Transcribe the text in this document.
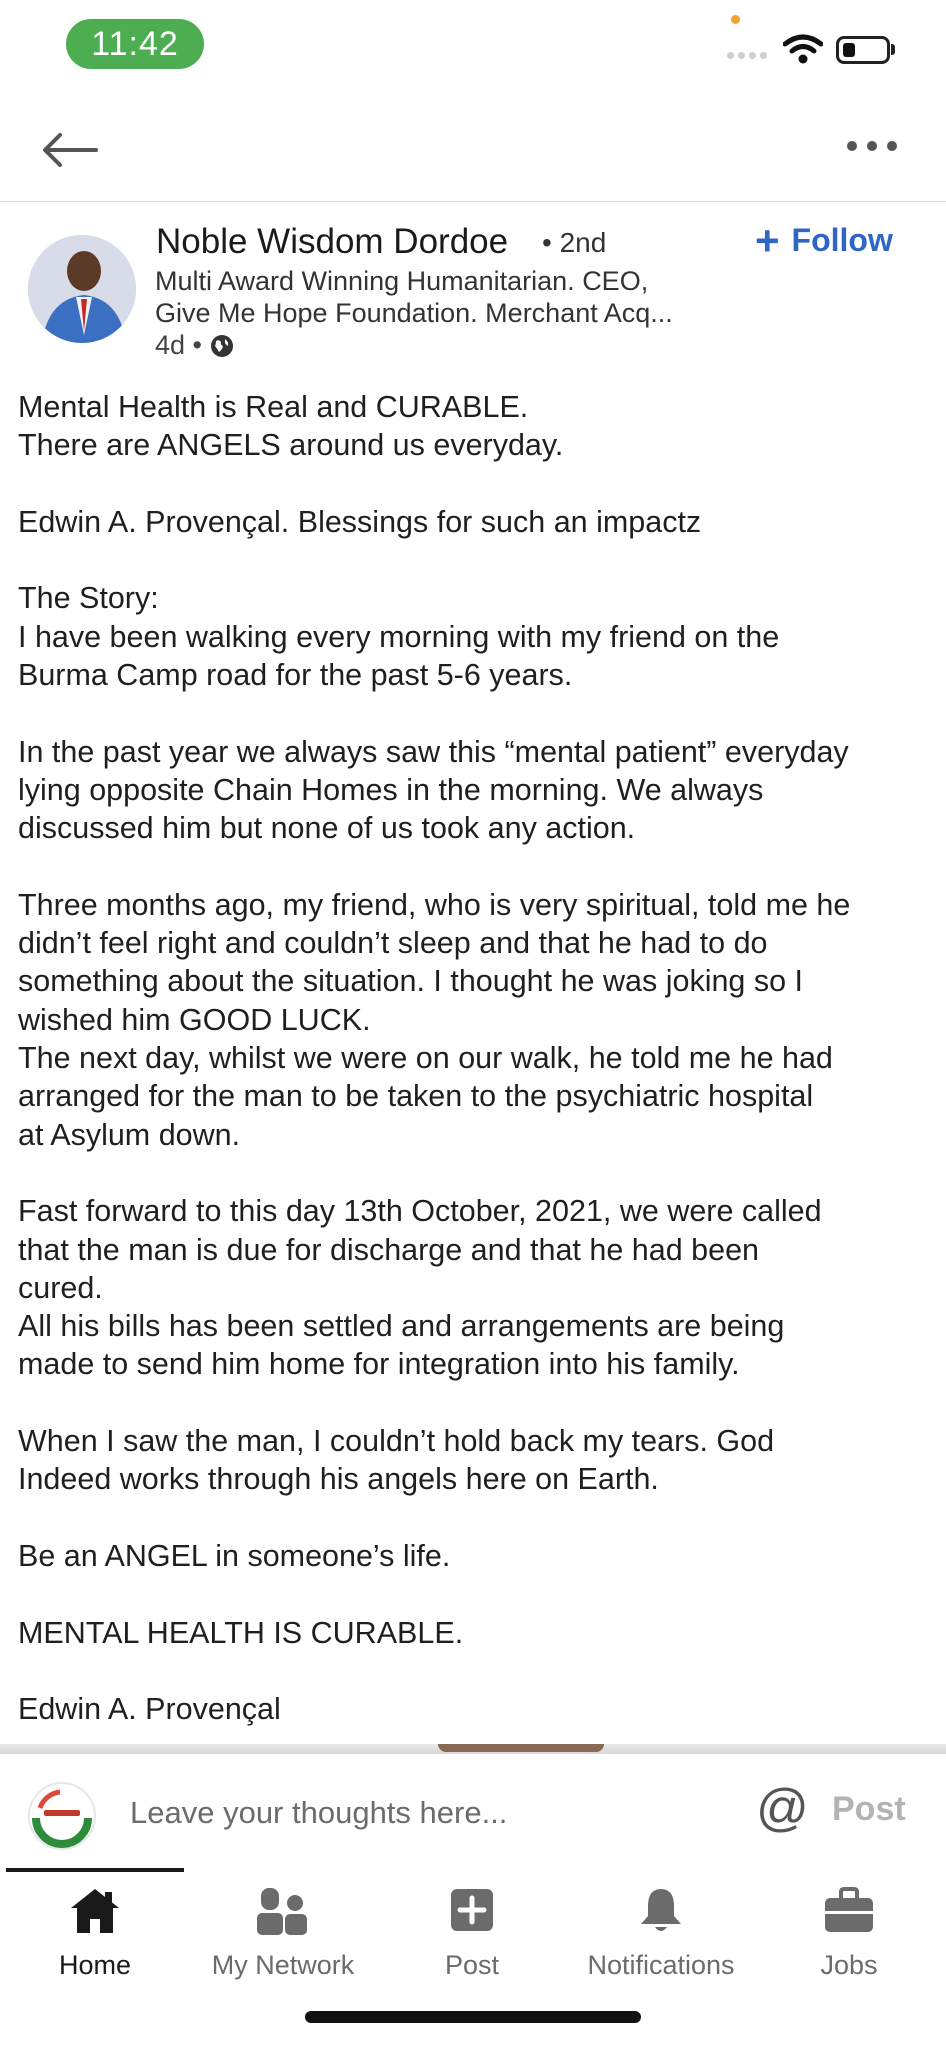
11:42
Noble Wisdom Dordoe • 2nd
Multi Award Winning Humanitarian. CEO,
Give Me Hope Foundation. Merchant Acq...
4d •
+ Follow
Mental Health is Real and CURABLE.
There are ANGELS around us everyday.

Edwin A. Provençal. Blessings for such an impactz

The Story:
I have been walking every morning with my friend on the
Burma Camp road for the past 5-6 years.

In the past year we always saw this “mental patient” everyday
lying opposite Chain Homes in the morning. We always
discussed him but none of us took any action.

Three months ago, my friend, who is very spiritual, told me he
didn’t feel right and couldn’t sleep and that he had to do
something about the situation. I thought he was joking so I
wished him GOOD LUCK.
The next day, whilst we were on our walk, he told me he had
arranged for the man to be taken to the psychiatric hospital
at Asylum down.

Fast forward to this day 13th October, 2021, we were called
that the man is due for discharge and that he had been
cured.
All his bills has been settled and arrangements are being
made to send him home for integration into his family.

When I saw the man, I couldn’t hold back my tears. God
Indeed works through his angels here on Earth.

Be an ANGEL in someone’s life.

MENTAL HEALTH IS CURABLE.

Edwin A. Provençal
Leave your thoughts here...
@ Post
Home	My Network	Post	Notifications	Jobs
